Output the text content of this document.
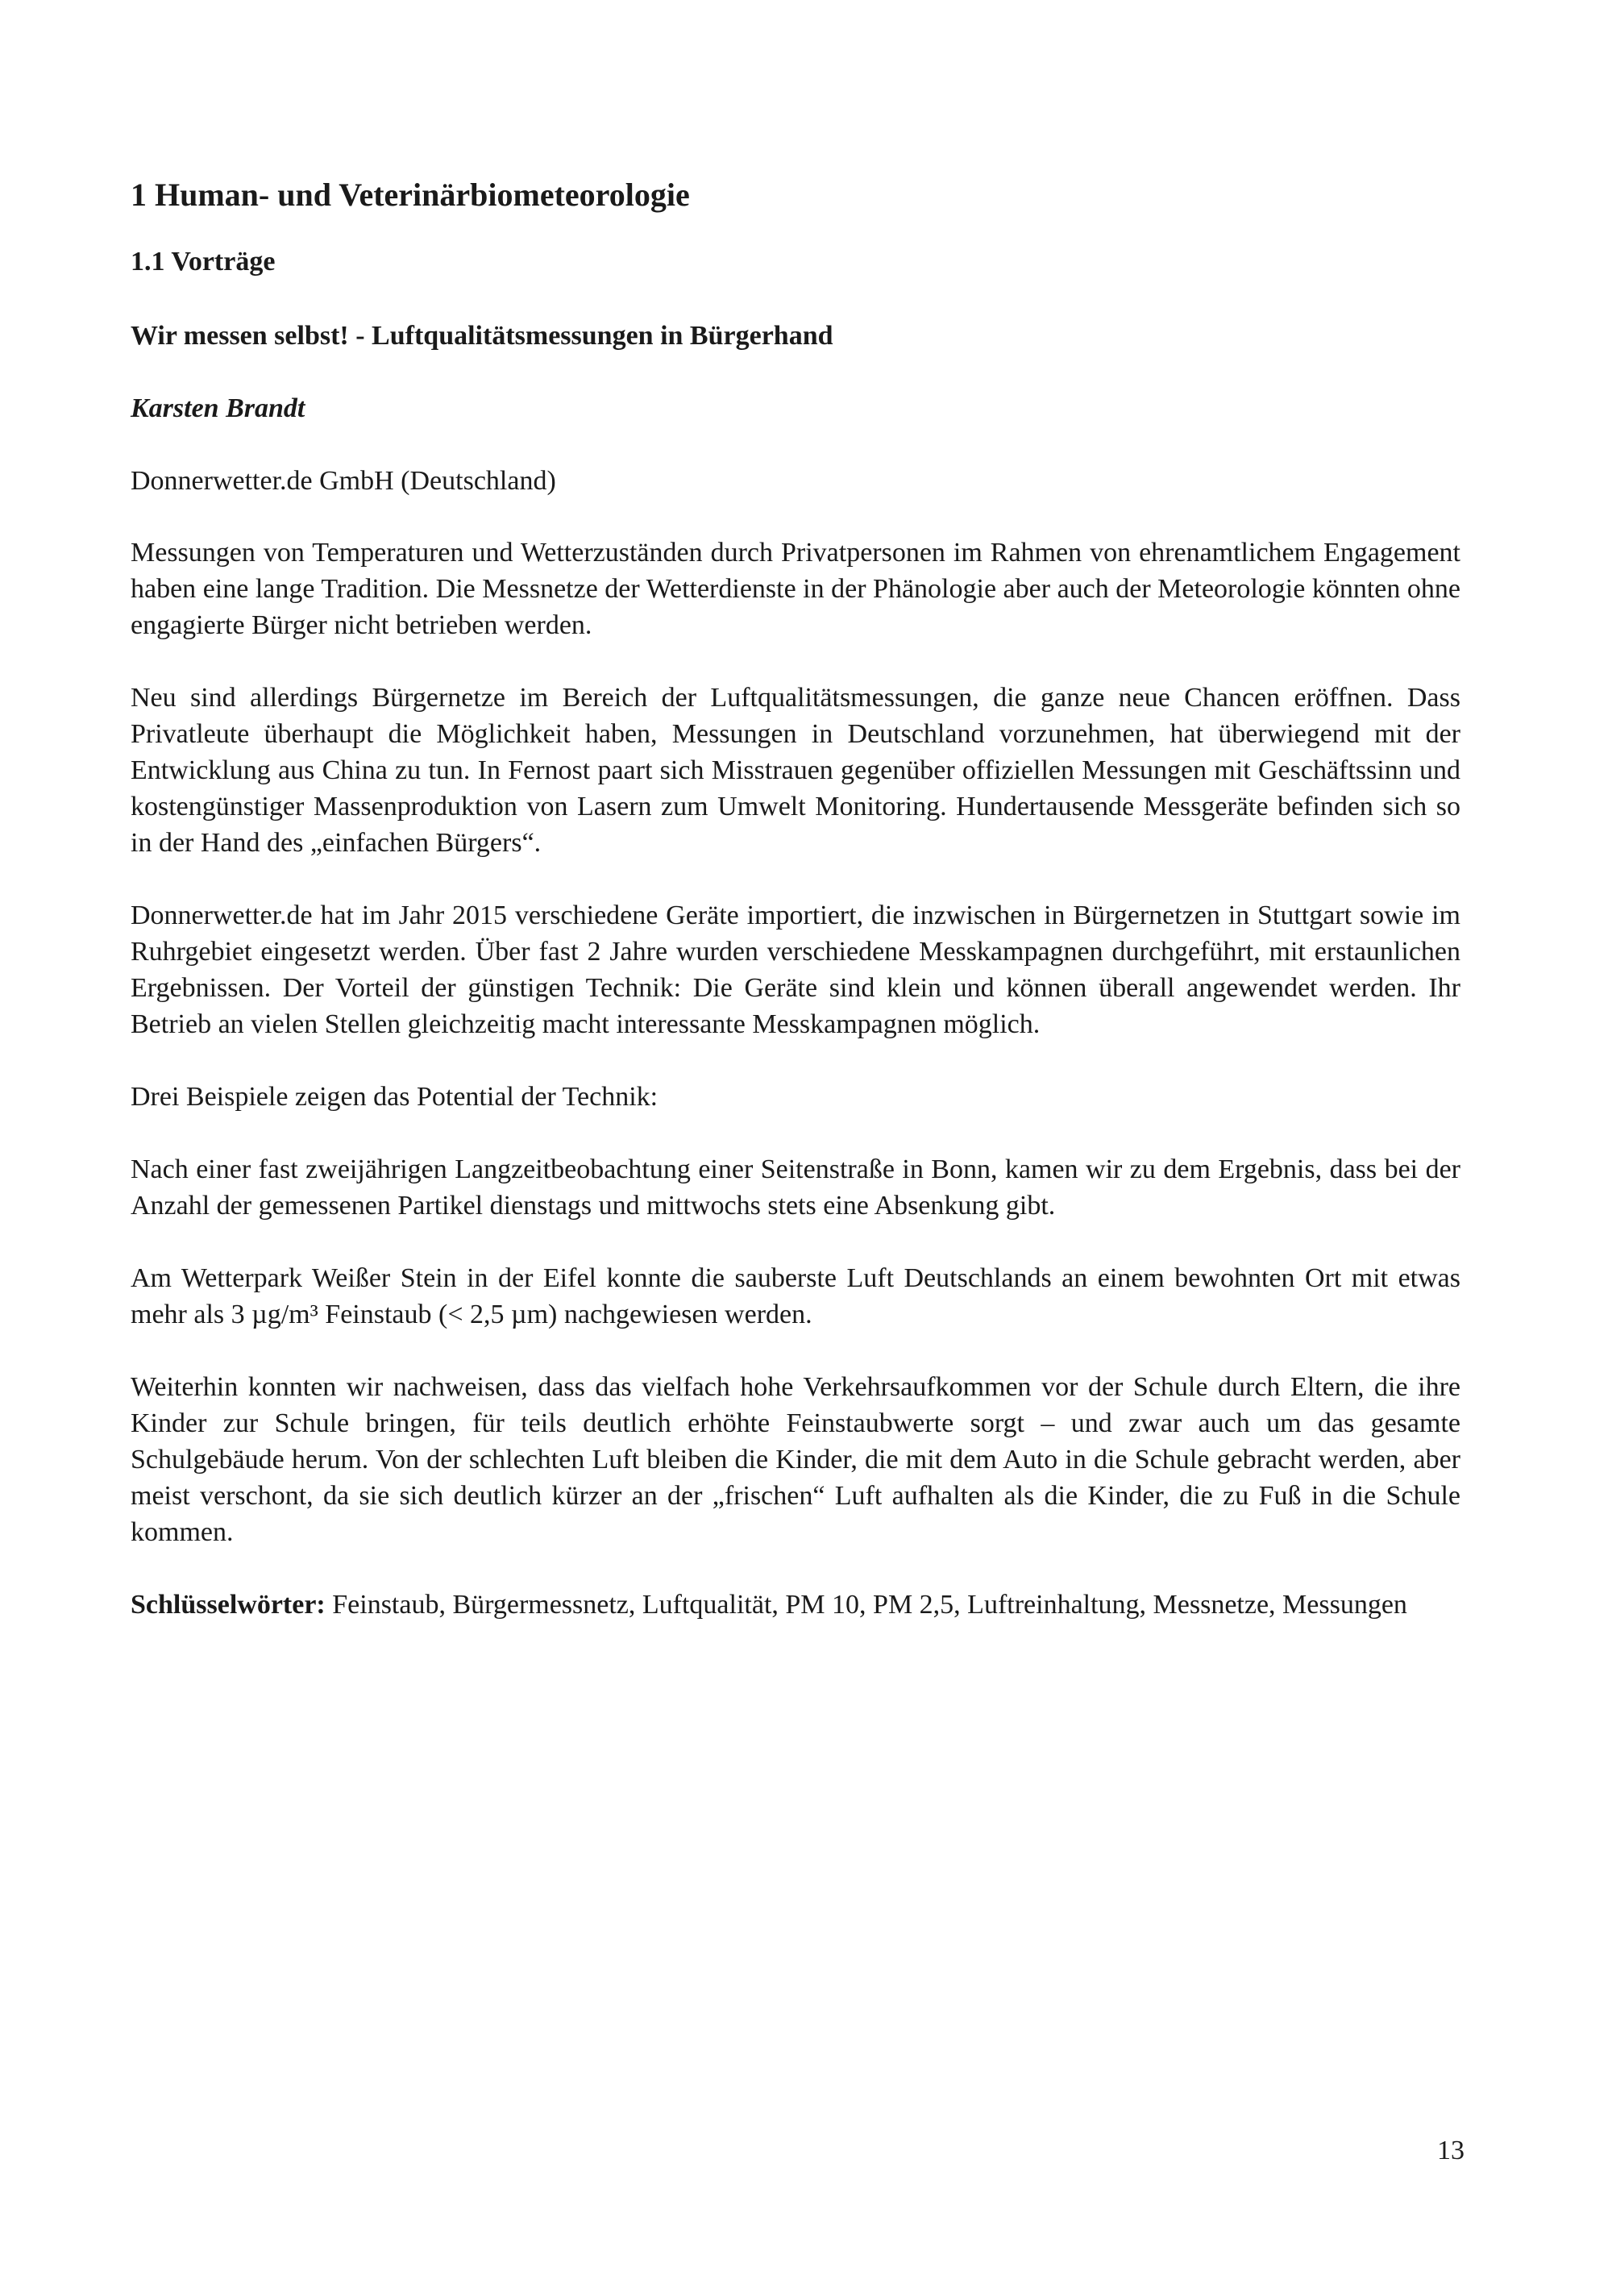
1 Human- und Veterinärbiometeorologie
1.1 Vorträge
Wir messen selbst! - Luftqualitätsmessungen in Bürgerhand

Karsten Brandt

Donnerwetter.de GmbH (Deutschland)

Messungen von Temperaturen und Wetterzuständen durch Privatpersonen im Rahmen von ehrenamtlichem Engagement haben eine lange Tradition. Die Messnetze der Wetterdienste in der Phänologie aber auch der Meteorologie könnten ohne engagierte Bürger nicht betrieben werden.

Neu sind allerdings Bürgernetze im Bereich der Luftqualitätsmessungen, die ganze neue Chancen eröffnen. Dass Privatleute überhaupt die Möglichkeit haben, Messungen in Deutschland vorzunehmen, hat überwiegend mit der Entwicklung aus China zu tun. In Fernost paart sich Misstrauen gegenüber offiziellen Messungen mit Geschäftssinn und kostengünstiger Massenproduktion von Lasern zum Umwelt Monitoring. Hundertausende Messgeräte befinden sich so in der Hand des „einfachen Bürgers“.

Donnerwetter.de hat im Jahr 2015 verschiedene Geräte importiert, die inzwischen in Bürgernetzen in Stuttgart sowie im Ruhrgebiet eingesetzt werden. Über fast 2 Jahre wurden verschiedene Messkampagnen durchgeführt, mit erstaunlichen Ergebnissen. Der Vorteil der günstigen Technik: Die Geräte sind klein und können überall angewendet werden. Ihr Betrieb an vielen Stellen gleichzeitig macht interessante Messkampagnen möglich.

Drei Beispiele zeigen das Potential der Technik:

Nach einer fast zweijährigen Langzeitbeobachtung einer Seitenstraße in Bonn, kamen wir zu dem Ergebnis, dass bei der Anzahl der gemessenen Partikel dienstags und mittwochs stets eine Absenkung gibt.

Am Wetterpark Weißer Stein in der Eifel konnte die sauberste Luft Deutschlands an einem bewohnten Ort mit etwas mehr als 3 µg/m³ Feinstaub (< 2,5 µm) nachgewiesen werden.

Weiterhin konnten wir nachweisen, dass das vielfach hohe Verkehrsaufkommen vor der Schule durch Eltern, die ihre Kinder zur Schule bringen, für teils deutlich erhöhte Feinstaubwerte sorgt – und zwar auch um das gesamte Schulgebäude herum. Von der schlechten Luft bleiben die Kinder, die mit dem Auto in die Schule gebracht werden, aber meist verschont, da sie sich deutlich kürzer an der „frischen“ Luft aufhalten als die Kinder, die zu Fuß in die Schule kommen.

Schlüsselwörter: Feinstaub, Bürgermessnetz, Luftqualität, PM 10, PM 2,5, Luftreinhaltung, Messnetze, Messungen

13
